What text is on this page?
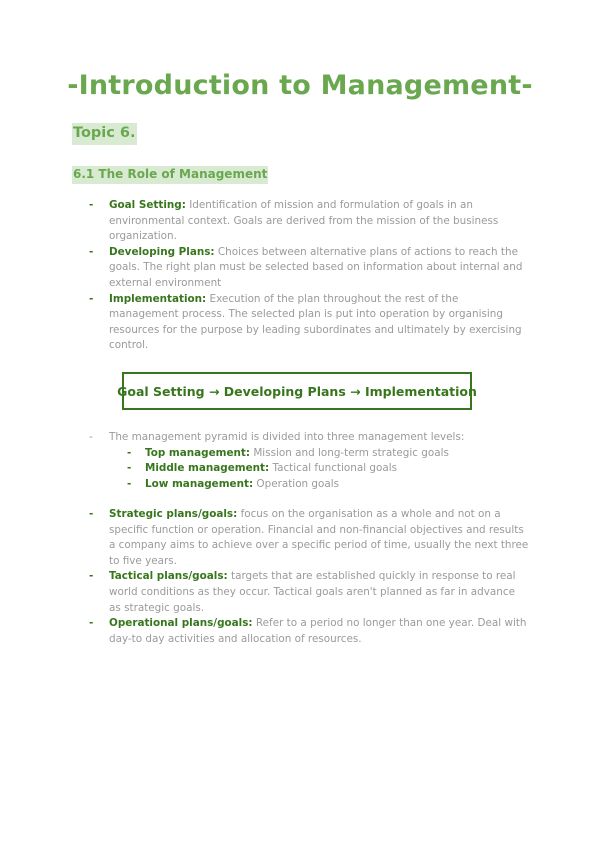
-Introduction to Management-
Topic 6.
6.1 The Role of Management
- Goal Setting: Identification of mission and formulation of goals in an environmental context. Goals are derived from the mission of the business organization.
- Developing Plans: Choices between alternative plans of actions to reach the goals. The right plan must be selected based on information about internal and external environment
- Implementation: Execution of the plan throughout the rest of the management process. The selected plan is put into operation by organising resources for the purpose by leading subordinates and ultimately by exercising control.
Goal Setting → Developing Plans → Implementation
- The management pyramid is divided into three management levels:
- Top management: Mission and long-term strategic goals
- Middle management: Tactical functional goals
- Low management: Operation goals
- Strategic plans/goals: focus on the organisation as a whole and not on a specific function or operation. Financial and non-financial objectives and results a company aims to achieve over a specific period of time, usually the next three to five years.
- Tactical plans/goals: targets that are established quickly in response to real world conditions as they occur. Tactical goals aren't planned as far in advance as strategic goals.
- Operational plans/goals: Refer to a period no longer than one year. Deal with day-to day activities and allocation of resources.
